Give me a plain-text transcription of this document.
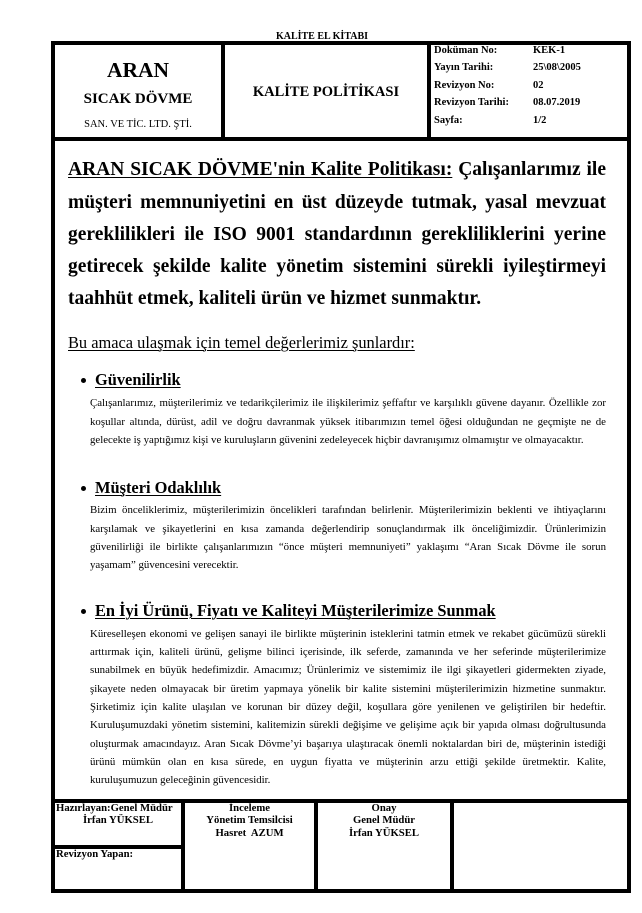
KALİTE EL KİTABI
ARAN
SICAK DÖVME
SAN. VE TİC. LTD. ŞTİ.
KALİTE POLİTİKASI
Doküman No:	KEK-1
Yayın Tarihi:	25\08\2005
Revizyon No:	02
Revizyon Tarihi: 08.07.2019
Sayfa:	1/2
ARAN SICAK DÖVME'nin Kalite Politikası: Çalışanlarımız ile
müşteri memnuniyetini en üst düzeyde tutmak, yasal mevzuat
gereklilikleri ile ISO 9001 standardının gerekliliklerini yerine
getirecek şekilde kalite yönetim sistemini sürekli iyileştirmeyi
taahhüt etmek, kaliteli ürün ve hizmet sunmaktır.
Bu amaca ulaşmak için temel değerlerimiz şunlardır:
Güvenilirlik
Çalışanlarımız, müşterilerimiz ve tedarikçilerimiz ile ilişkilerimiz şeffaftır ve karşılıklı güvene dayanır. Özellikle zor
koşullar altında, dürüst, adil ve doğru davranmak yüksek itibarımızın temel öğesi olduğundan ne geçmişte ne de
gelecekte iş yaptığımız kişi ve kuruluşların güvenini zedeleyecek hiçbir davranışımız olmamıştır ve olmayacaktır.
Müşteri Odaklılık
Bizim önceliklerimiz, müşterilerimizin öncelikleri tarafından belirlenir. Müşterilerimizin beklenti ve ihtiyaçlarını
karşılamak ve şikayetlerini en kısa zamanda değerlendirip sonuçlandırmak ilk önceliğimizdir. Ürünlerimizin
güvenilirliği ile birlikte çalışanlarımızın “önce müşteri memnuniyeti” yaklaşımı “Aran Sıcak Dövme ile sorun
yaşamam” güvencesini verecektir.
En İyi Ürünü, Fiyatı ve Kaliteyi Müşterilerimize Sunmak
Küreselleşen ekonomi ve gelişen sanayi ile birlikte müşterinin isteklerini tatmin etmek ve rekabet gücümüzü sürekli
arttırmak için, kaliteli ürünü, gelişme bilinci içerisinde, ilk seferde, zamanında ve her seferinde müşterilerimize
sunabilmek en büyük hedefimizdir. Amacımız; Ürünlerimiz ve sistemimiz ile ilgi şikayetleri gidermekten ziyade,
şikayete neden olmayacak bir üretim yapmaya yönelik bir kalite sistemini müşterilerimizin hizmetine sunmaktır.
Şirketimiz için kalite ulaşılan ve korunan bir düzey değil, koşullara göre yenilenen ve geliştirilen bir hedeftir.
Kuruluşumuzdaki yönetim sistemini, kalitemizin sürekli değişime ve gelişime açık bir yapıda olması doğrultusunda
oluşturmak amacındayız. Aran Sıcak Dövme’yi başarıya ulaştıracak önemli noktalardan biri de, müşterinin istediği
ürünü mümkün olan en kısa sürede, en uygun fiyatta ve müşterinin arzu ettiği şekilde üretmektir. Kalite,
kuruluşumuzun geleceğinin güvencesidir.
Hazırlayan:Genel Müdür
İrfan YÜKSEL
Revizyon Yapan:
İnceleme
Yönetim Temsilcisi
Hasret  AZUM
Onay
Genel Müdür
İrfan YÜKSEL
